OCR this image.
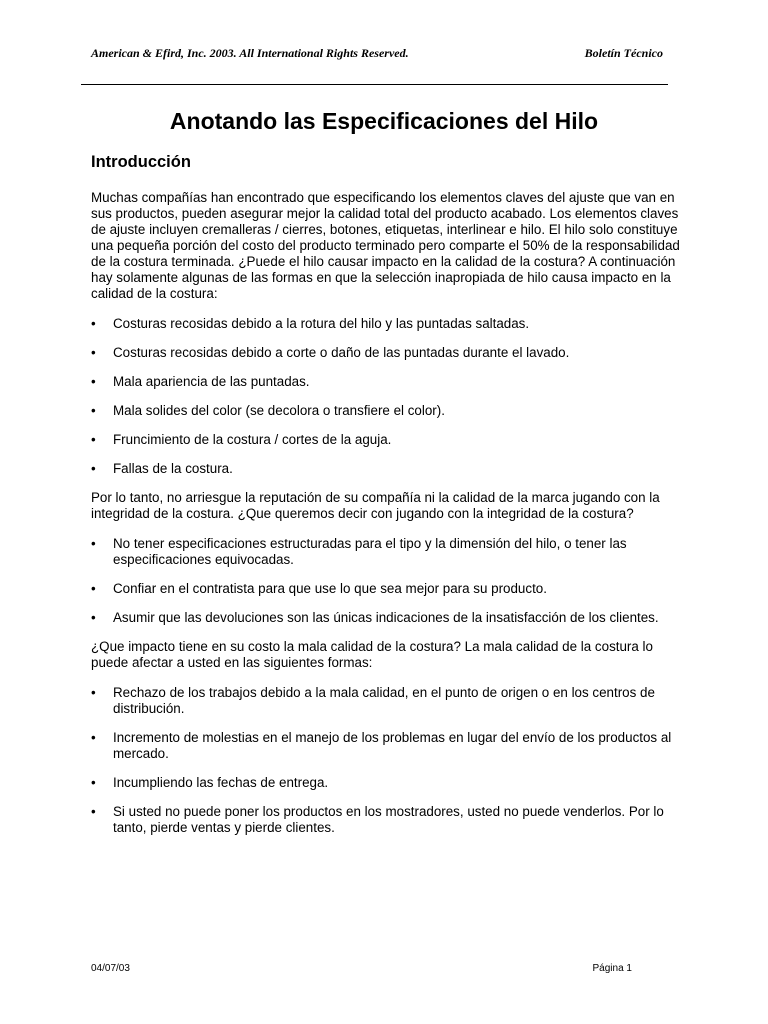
American & Efird, Inc. 2003. All International Rights Reserved.	Boletín Técnico
Anotando las Especificaciones del Hilo
Introducción

Muchas compañías han encontrado que especificando los elementos claves del ajuste que van en sus productos, pueden asegurar mejor la calidad total del producto acabado. Los elementos claves de ajuste incluyen cremalleras / cierres, botones, etiquetas, interlinear e hilo. El hilo solo constituye una pequeña porción del costo del producto terminado pero comparte el 50% de la responsabilidad de la costura terminada. ¿Puede el hilo causar impacto en la calidad de la costura? A continuación hay solamente algunas de las formas en que la selección inapropiada de hilo causa impacto en la calidad de la costura:

• Costuras recosidas debido a la rotura del hilo y las puntadas saltadas.
• Costuras recosidas debido a corte o daño de las puntadas durante el lavado.
• Mala apariencia de las puntadas.
• Mala solides del color (se decolora o transfiere el color).
• Fruncimiento de la costura / cortes de la aguja.
• Fallas de la costura.

Por lo tanto, no arriesgue la reputación de su compañía ni la calidad de la marca jugando con la integridad de la costura. ¿Que queremos decir con jugando con la integridad de la costura?

• No tener especificaciones estructuradas para el tipo y la dimensión del hilo, o tener las especificaciones equivocadas.
• Confiar en el contratista para que use lo que sea mejor para su producto.
• Asumir que las devoluciones son las únicas indicaciones de la insatisfacción de los clientes.

¿Que impacto tiene en su costo la mala calidad de la costura? La mala calidad de la costura lo puede afectar a usted en las siguientes formas:

• Rechazo de los trabajos debido a la mala calidad, en el punto de origen o en los centros de distribución.
• Incremento de molestias en el manejo de los problemas en lugar del envío de los productos al mercado.
• Incumpliendo las fechas de entrega.
• Si usted no puede poner los productos en los mostradores, usted no puede venderlos. Por lo tanto, pierde ventas y pierde clientes.
04/07/03	Página 1
